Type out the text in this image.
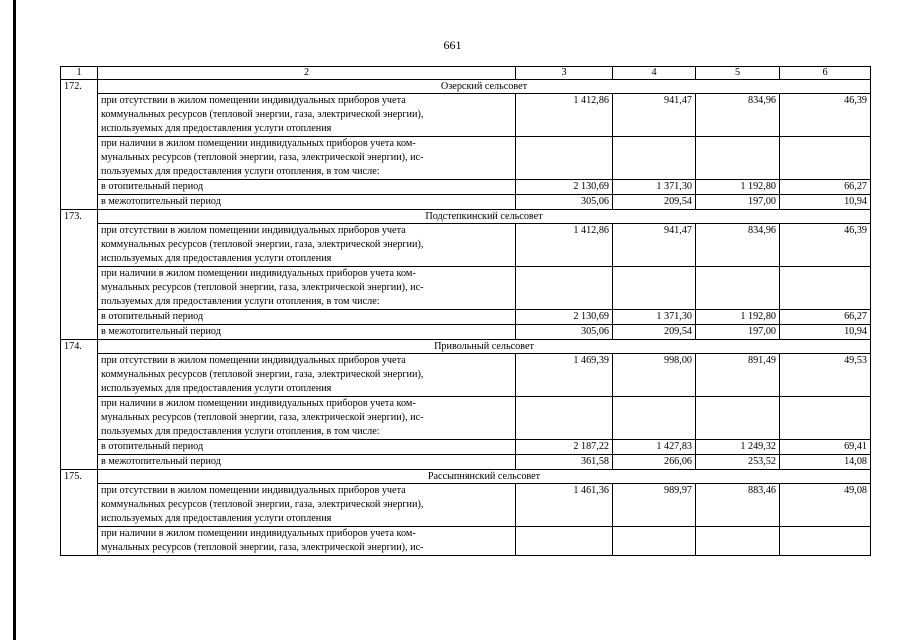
661
1	2	3	4	5	6
172.	Озерский сельсовет				

	при отсутствии в жилом помещении индивидуальных приборов учета
коммунальных ресурсов (тепловой энергии, газа, электрической энергии),
используемых для предоставления услуги отопления	1 412,86	941,47	834,96	46,39

	при наличии в жилом помещении индивидуальных приборов учета ком-
мунальных ресурсов (тепловой энергии, газа, электрической энергии), ис-
пользуемых для предоставления услуги отопления, в том числе:				

	в отопительный период	2 130,69	1 371,30	1 192,80	66,27
	в межотопительный период	305,06	209,54	197,00	10,94
173.	Подстепкинский сельсовет				

	при отсутствии в жилом помещении индивидуальных приборов учета
коммунальных ресурсов (тепловой энергии, газа, электрической энергии),
используемых для предоставления услуги отопления	1 412,86	941,47	834,96	46,39

	при наличии в жилом помещении индивидуальных приборов учета ком-
мунальных ресурсов (тепловой энергии, газа, электрической энергии), ис-
пользуемых для предоставления услуги отопления, в том числе:				

	в отопительный период	2 130,69	1 371,30	1 192,80	66,27
	в межотопительный период	305,06	209,54	197,00	10,94
174.	Привольный сельсовет				

	при отсутствии в жилом помещении индивидуальных приборов учета
коммунальных ресурсов (тепловой энергии, газа, электрической энергии),
используемых для предоставления услуги отопления	1 469,39	998,00	891,49	49,53

	при наличии в жилом помещении индивидуальных приборов учета ком-
мунальных ресурсов (тепловой энергии, газа, электрической энергии), ис-
пользуемых для предоставления услуги отопления, в том числе:				

	в отопительный период	2 187,22	1 427,83	1 249,32	69,41
	в межотопительный период	361,58	266,06	253,52	14,08
175.	Рассыпнянский сельсовет				

	при отсутствии в жилом помещении индивидуальных приборов учета
коммунальных ресурсов (тепловой энергии, газа, электрической энергии),
используемых для предоставления услуги отопления	1 461,36	989,97	883,46	49,08

	при наличии в жилом помещении индивидуальных приборов учета ком-
мунальных ресурсов (тепловой энергии, газа, электрической энергии), ис-				
